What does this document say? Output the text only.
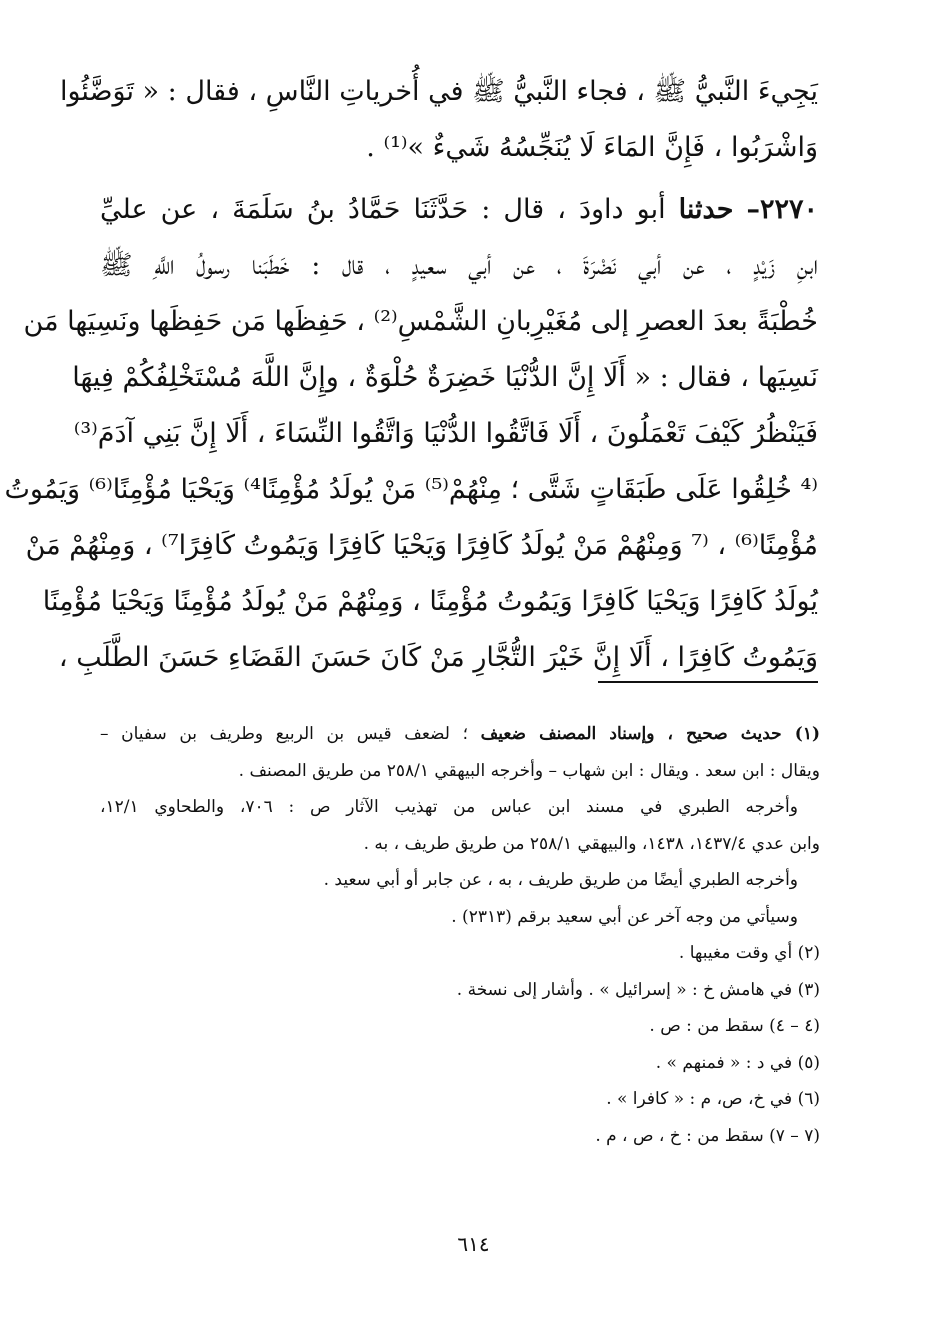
يَجِيءَ النَّبيُّ ﷺ ، فجاء النَّبيُّ ﷺ في أُخرياتِ النَّاسِ ، فقال : « تَوَضَّئُوا
وَاشْرَبُوا ، فَإِنَّ المَاءَ لَا يُنَجِّسُهُ شَيءٌ »⁽¹⁾ .
٢٢٧٠– حدثنا أبو داودَ ، قال : حَدَّثَنَا حَمَّادُ بنُ سَلَمَةَ ، عن عليِّ
ابنِ زَيْدٍ ، عن أبي نَضْرَةَ ، عن أبي سعيدٍ ، قال : خَطَبَنا رسولُ اللَّهِ ﷺ
خُطْبَةً بعدَ العصرِ إلى مُغَيْرِبانِ الشَّمْسِ⁽²⁾ ، حَفِظَها مَن حَفِظَها ونَسِيَها مَن
نَسِيَها ، فقال : « أَلَا إِنَّ الدُّنْيَا خَضِرَةٌ حُلْوَةٌ ، وإِنَّ اللَّهَ مُسْتَخْلِفُكُمْ فِيهَا
فَيَنْظُرُ كَيْفَ تَعْمَلُونَ ، أَلَا فَاتَّقُوا الدُّنْيَا وَاتَّقُوا النِّسَاءَ ، أَلَا إِنَّ بَنِي آدَمَ⁽³⁾
⁽⁴ خُلِقُوا عَلَى طَبَقَاتٍ شَتَّى ؛ مِنْهُمْ⁽⁵⁾ مَنْ يُولَدُ مُؤْمِنًا⁴⁾ وَيَحْيَا مُؤْمِنًا⁽⁶⁾ وَيَمُوتُ
مُؤْمِنًا⁽⁶⁾ ، ⁽⁷ وَمِنْهُمْ مَنْ يُولَدُ كَافِرًا وَيَحْيَا كَافِرًا وَيَمُوتُ كَافِرًا⁷⁾ ، وَمِنْهُمْ مَنْ
يُولَدُ كَافِرًا وَيَحْيَا كَافِرًا وَيَمُوتُ مُؤْمِنًا ، وَمِنْهُمْ مَنْ يُولَدُ مُؤْمِنًا وَيَحْيَا مُؤْمِنًا
وَيَمُوتُ كَافِرًا ، أَلَا إِنَّ خَيْرَ التُّجَّارِ مَنْ كَانَ حَسَنَ القَضَاءِ حَسَنَ الطَّلَبِ ،
(١) حديث صحيح ، وإسناد المصنف ضعيف ؛ لضعف قيس بن الربيع وطريف بن سفيان –
ويقال : ابن سعد . ويقال : ابن شهاب – وأخرجه البيهقي ٢٥٨/١ من طريق المصنف .
وأخرجه الطبري في مسند ابن عباس من تهذيب الآثار ص : ٧٠٦، والطحاوي ١٢/١،
وابن عدي ١٤٣٧/٤، ١٤٣٨، والبيهقي ٢٥٨/١ من طريق طريف ، به .
وأخرجه الطبري أيضًا من طريق طريف ، به ، عن جابر أو أبي سعيد .
وسيأتي من وجه آخر عن أبي سعيد برقم (٢٣١٣) .
(٢) أي وقت مغيبها .
(٣) في هامش خ : « إسرائيل » . وأشار إلى نسخة .
(٤ – ٤) سقط من : ص .
(٥) في د : « فمنهم » .
(٦) في خ، ص، م : « كافرا » .
(٧ – ٧) سقط من : خ ، ص ، م .
٦١٤
